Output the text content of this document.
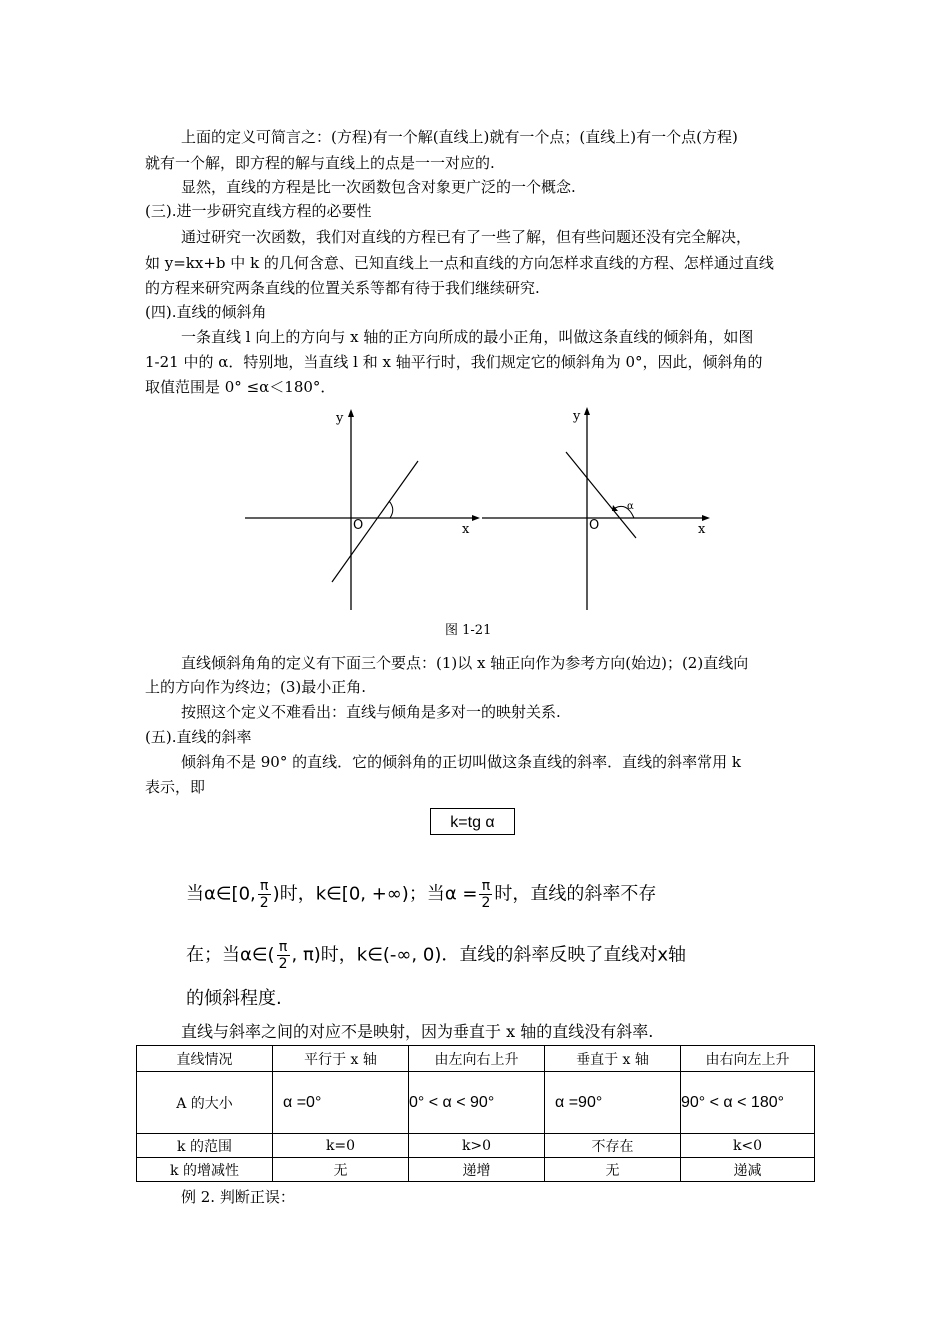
上面的定义可简言之：(方程)有一个解(直线上)就有一个点；(直线上)有一个点(方程)
就有一个解，即方程的解与直线上的点是一一对应的.
显然，直线的方程是比一次函数包含对象更广泛的一个概念.
(三).进一步研究直线方程的必要性
通过研究一次函数，我们对直线的方程已有了一些了解，但有些问题还没有完全解决，
如 y=kx+b 中 k 的几何含意、已知直线上一点和直线的方向怎样求直线的方程、怎样通过直线
的方程来研究两条直线的位置关系等都有待于我们继续研究.
(四).直线的倾斜角
一条直线 l 向上的方向与 x 轴的正方向所成的最小正角，叫做这条直线的倾斜角，如图
1-21 中的 α．特别地，当直线 l 和 x 轴平行时，我们规定它的倾斜角为 0°，因此，倾斜角的
取值范围是 0° ≤α＜180°．
y
x
O
y
x
O
α
图 1-21
直线倾斜角角的定义有下面三个要点：(1)以 x 轴正向作为参考方向(始边)；(2)直线向
上的方向作为终边；(3)最小正角.
按照这个定义不难看出：直线与倾角是多对一的映射关系.
(五).直线的斜率
倾斜角不是 90° 的直线．它的倾斜角的正切叫做这条直线的斜率．直线的斜率常用 k
表示，即
k=tg α
当α∈[0, $\frac{\pi}{2}$ )时，k∈[0, +∞)；当$\alpha = \frac{\pi}{2}$ 时，直线的斜率不存
在；当α∈( $\frac{\pi}{2}$ , π)时，k∈(-∞, 0)．直线的斜率反映了直线对x轴
的倾斜程度.
直线与斜率之间的对应不是映射，因为垂直于 x 轴的直线没有斜率.
直线情况	平行于 x 轴	由左向右上升	垂直于 x 轴	由右向左上升
A 的大小	α =0°	0° < α < 90°	α =90°	90° < α < 180°
k 的范围	k=0	k>0	不存在	k<0
k 的增减性	无	递增	无	递减
例 2. 判断正误：
